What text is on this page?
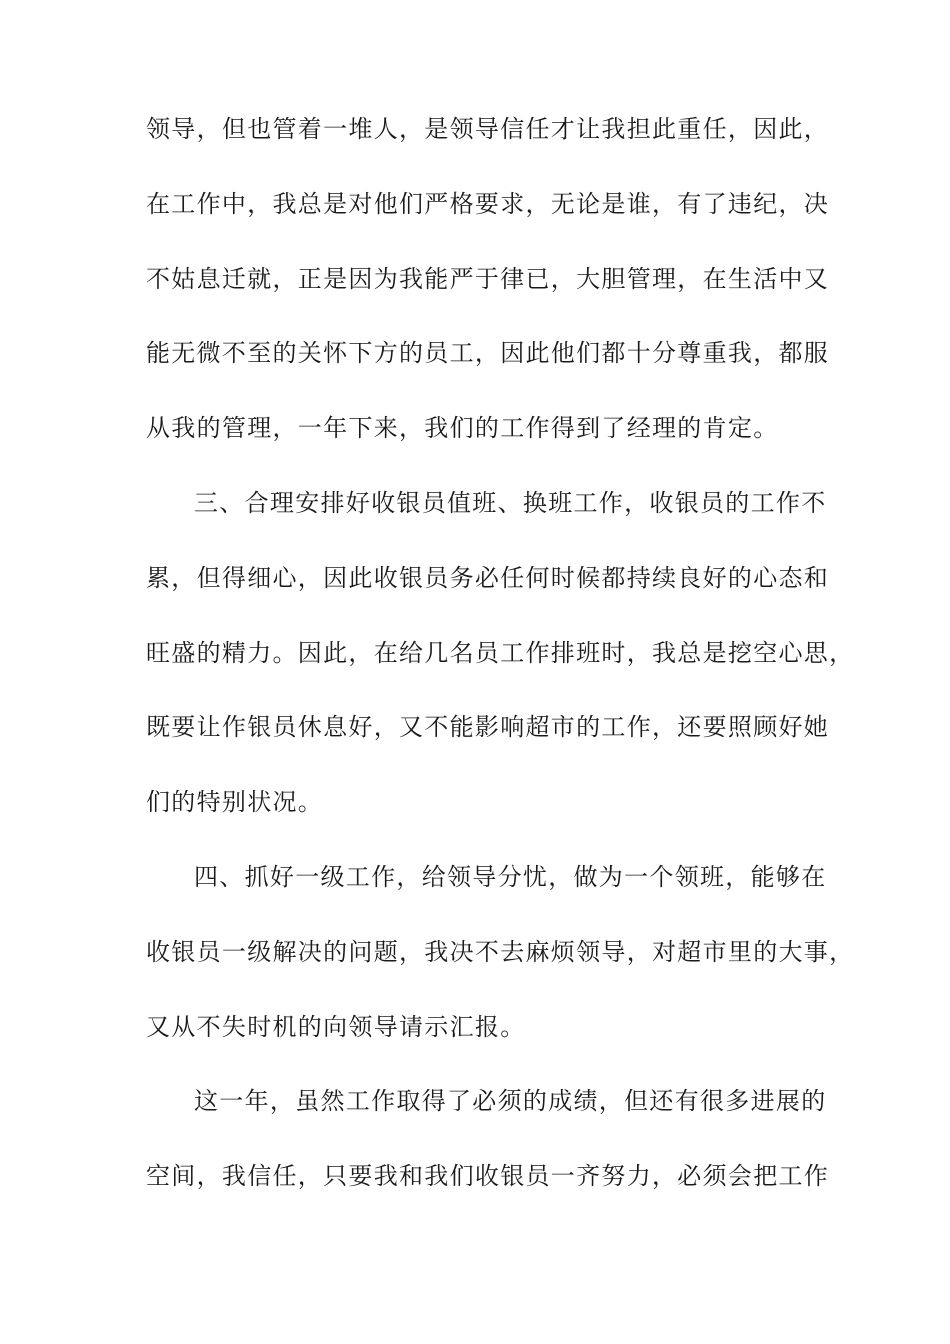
领导，但也管着一堆人，是领导信任才让我担此重任，因此，
在工作中，我总是对他们严格要求，无论是谁，有了违纪，决
不姑息迁就，正是因为我能严于律已，大胆管理，在生活中又
能无微不至的关怀下方的员工，因此他们都十分尊重我，都服
从我的管理，一年下来，我们的工作得到了经理的肯定。
三、合理安排好收银员值班、换班工作，收银员的工作不
累，但得细心，因此收银员务必任何时候都持续良好的心态和
旺盛的精力。因此，在给几名员工作排班时，我总是挖空心思，
既要让作银员休息好，又不能影响超市的工作，还要照顾好她
们的特别状况。
四、抓好一级工作，给领导分忧，做为一个领班，能够在
收银员一级解决的问题，我决不去麻烦领导，对超市里的大事，
又从不失时机的向领导请示汇报。
这一年，虽然工作取得了必须的成绩，但还有很多进展的
空间，我信任，只要我和我们收银员一齐努力，必须会把工作
